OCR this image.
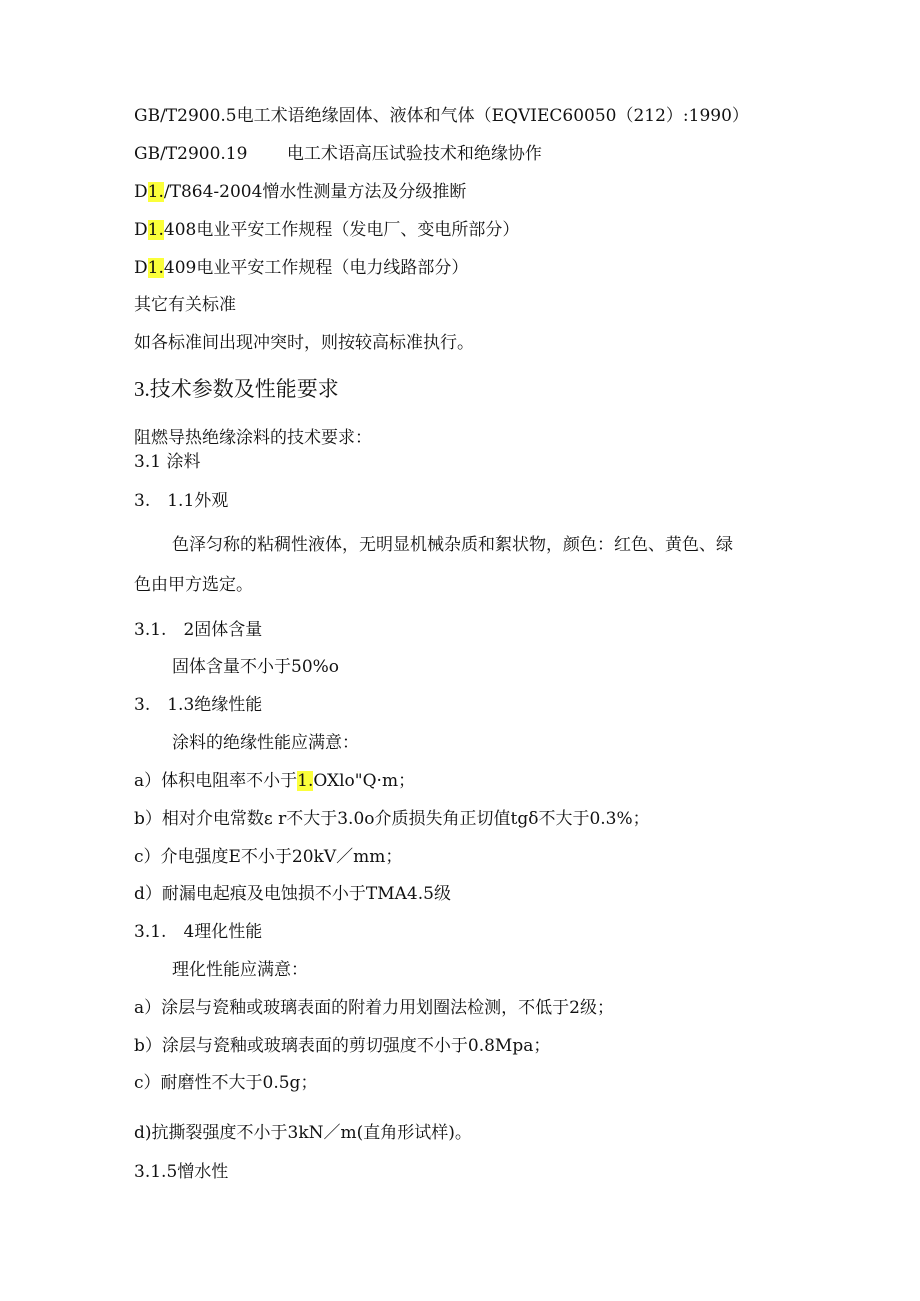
GB/T2900.5电工术语绝缘固体、液体和气体（EQVIEC60050（212）:1990）

GB/T2900.19　　 电工术语高压试验技术和绝缘协作

D1./T864-2004憎水性测量方法及分级推断

D1.408电业平安工作规程（发电厂、变电所部分）

D1.409电业平安工作规程（电力线路部分）

其它有关标准

如各标准间出现冲突时，则按较高标准执行。

3.技术参数及性能要求

阻燃导热绝缘涂料的技术要求：

3.1 涂料

3.　1.1外观

色泽匀称的粘稠性液体，无明显机械杂质和絮状物，颜色：红色、黄色、绿

色由甲方选定。

3.1.　2固体含量

固体含量不小于50%o

3.　1.3绝缘性能

涂料的绝缘性能应满意：

a）体积电阻率不小于1.OXlo"Q·m；

b）相对介电常数ε r不大于3.0o介质损失角正切值tgδ不大于0.3%；

c）介电强度E不小于20kV／mm；

d）耐漏电起痕及电蚀损不小于TMA4.5级

3.1.　4理化性能

理化性能应满意：

a）涂层与瓷釉或玻璃表面的附着力用划圈法检测，不低于2级；

b）涂层与瓷釉或玻璃表面的剪切强度不小于0.8Mpa；

c）耐磨性不大于0.5g；

d)抗撕裂强度不小于3kN／m(直角形试样)。

3.1.5憎水性
